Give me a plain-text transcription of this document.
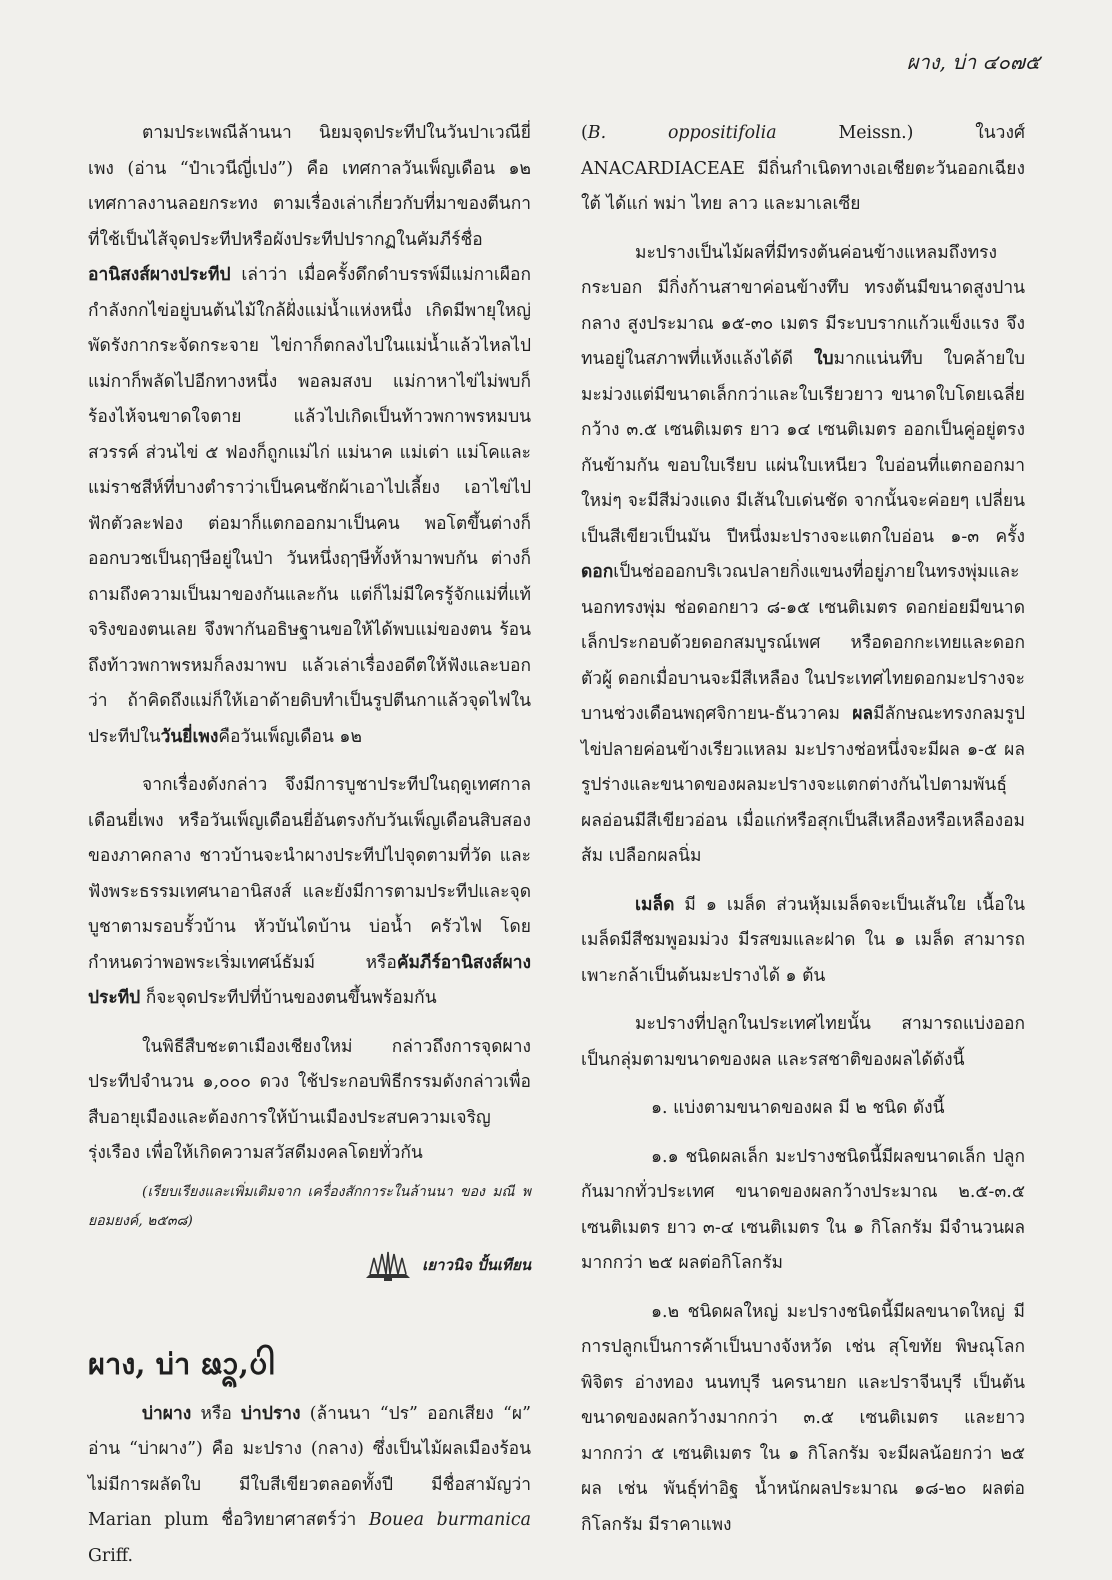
ผาง, บ่า ๔๐๗๕

ตามประเพณีล้านนา นิยมจุดประทีปในวันปาเวณียี่เพง (อ่าน “ป๋าเวนีญี่เปง”) คือ เทศกาลวันเพ็ญเดือน ๑๒ เทศกาลงานลอยกระทง ตามเรื่องเล่าเกี่ยวกับที่มาของตีนกาที่ใช้เป็นไส้จุดประทีปหรือผังประทีปปรากฏในคัมภีร์ชื่ออานิสงส์ผางประทีป เล่าว่า เมื่อครั้งดึกดำบรรพ์มีแม่กาเผือกกำลังกกไข่อยู่บนต้นไม้ใกล้ฝั่งแม่น้ำแห่งหนึ่ง เกิดมีพายุใหญ่พัดรังกากระจัดกระจาย ไข่กาก็ตกลงไปในแม่น้ำแล้วไหลไป แม่กาก็พลัดไปอีกทางหนึ่ง พอลมสงบ แม่กาหาไข่ไม่พบก็ร้องไห้จนขาดใจตาย แล้วไปเกิดเป็นท้าวพกาพรหมบนสวรรค์ ส่วนไข่ ๕ ฟองก็ถูกแม่ไก่ แม่นาค แม่เต่า แม่โคและแม่ราชสีห์ที่บางตำราว่าเป็นคนซักผ้าเอาไปเลี้ยง เอาไข่ไปฟักตัวละฟอง ต่อมาก็แตกออกมาเป็นคน พอโตขึ้นต่างก็ออกบวชเป็นฤๅษีอยู่ในป่า วันหนึ่งฤๅษีทั้งห้ามาพบกัน ต่างก็ถามถึงความเป็นมาของกันและกัน แต่ก็ไม่มีใครรู้จักแม่ที่แท้จริงของตนเลย จึงพากันอธิษฐานขอให้ได้พบแม่ของตน ร้อนถึงท้าวพกาพรหมก็ลงมาพบ แล้วเล่าเรื่องอดีตให้ฟังและบอกว่า ถ้าคิดถึงแม่ก็ให้เอาด้ายดิบทำเป็นรูปตีนกาแล้วจุดไฟในประทีปในวันยี่เพงคือวันเพ็ญเดือน ๑๒

จากเรื่องดังกล่าว จึงมีการบูชาประทีปในฤดูเทศกาลเดือนยี่เพง หรือวันเพ็ญเดือนยี่อันตรงกับวันเพ็ญเดือนสิบสองของภาคกลาง ชาวบ้านจะนำผางประทีปไปจุดตามที่วัด และฟังพระธรรมเทศนาอานิสงส์ และยังมีการตามประทีปและจุดบูชาตามรอบรั้วบ้าน หัวบันไดบ้าน บ่อน้ำ ครัวไฟ โดยกำหนดว่าพอพระเริ่มเทศน์ธัมม์ หรือคัมภีร์อานิสงส์ผางประทีป ก็จะจุดประทีปที่บ้านของตนขึ้นพร้อมกัน

ในพิธีสืบชะตาเมืองเชียงใหม่ กล่าวถึงการจุดผางประทีปจำนวน ๑,๐๐๐ ดวง ใช้ประกอบพิธีกรรมดังกล่าวเพื่อสืบอายุเมืองและต้องการให้บ้านเมืองประสบความเจริญรุ่งเรือง เพื่อให้เกิดความสวัสดีมงคลโดยทั่วกัน

(เรียบเรียงและเพิ่มเติมจาก เครื่องสักการะในล้านนา ของ มณี พยอมยงค์, ๒๕๓๘)

เยาวนิจ ปั้นเทียน

ผาง, บ่า ᨹᩣ᩠ᨦ,ᨷ᩵ᩤ

บ่าผาง หรือ บ่าปราง (ล้านนา “ปร” ออกเสียง “ผ” อ่าน “บ่าผาง”) คือ มะปราง (กลาง) ซึ่งเป็นไม้ผลเมืองร้อน ไม่มีการผลัดใบ มีใบสีเขียวตลอดทั้งปี มีชื่อสามัญว่า Marian plum ชื่อวิทยาศาสตร์ว่า Bouea burmanica Griff.

(B. oppositifolia Meissn.) ในวงศ์ ANACARDIACEAE มีถิ่นกำเนิดทางเอเชียตะวันออกเฉียงใต้ ได้แก่ พม่า ไทย ลาว และมาเลเซีย

มะปรางเป็นไม้ผลที่มีทรงต้นค่อนข้างแหลมถึงทรงกระบอก มีกิ่งก้านสาขาค่อนข้างทึบ ทรงต้นมีขนาดสูงปานกลาง สูงประมาณ ๑๕-๓๐ เมตร มีระบบรากแก้วแข็งแรง จึงทนอยู่ในสภาพที่แห้งแล้งได้ดี ใบมากแน่นทึบ ใบคล้ายใบมะม่วงแต่มีขนาดเล็กกว่าและใบเรียวยาว ขนาดใบโดยเฉลี่ยกว้าง ๓.๕ เซนติเมตร ยาว ๑๔ เซนติเมตร ออกเป็นคู่อยู่ตรงกันข้ามกัน ขอบใบเรียบ แผ่นใบเหนียว ใบอ่อนที่แตกออกมาใหม่ๆ จะมีสีม่วงแดง มีเส้นใบเด่นชัด จากนั้นจะค่อยๆ เปลี่ยนเป็นสีเขียวเป็นมัน ปีหนึ่งมะปรางจะแตกใบอ่อน ๑-๓ ครั้ง ดอกเป็นช่อออกบริเวณปลายกิ่งแขนงที่อยู่ภายในทรงพุ่มและนอกทรงพุ่ม ช่อดอกยาว ๘-๑๕ เซนติเมตร ดอกย่อยมีขนาดเล็กประกอบด้วยดอกสมบูรณ์เพศ หรือดอกกะเทยและดอกตัวผู้ ดอกเมื่อบานจะมีสีเหลือง ในประเทศไทยดอกมะปรางจะบานช่วงเดือนพฤศจิกายน-ธันวาคม ผลมีลักษณะทรงกลมรูปไข่ปลายค่อนข้างเรียวแหลม มะปรางช่อหนึ่งจะมีผล ๑-๕ ผล รูปร่างและขนาดของผลมะปรางจะแตกต่างกันไปตามพันธุ์ ผลอ่อนมีสีเขียวอ่อน เมื่อแก่หรือสุกเป็นสีเหลืองหรือเหลืองอมส้ม เปลือกผลนิ่ม

เมล็ด มี ๑ เมล็ด ส่วนหุ้มเมล็ดจะเป็นเส้นใย เนื้อในเมล็ดมีสีชมพูอมม่วง มีรสขมและฝาด ใน ๑ เมล็ด สามารถเพาะกล้าเป็นต้นมะปรางได้ ๑ ต้น

มะปรางที่ปลูกในประเทศไทยนั้น สามารถแบ่งออกเป็นกลุ่มตามขนาดของผล และรสชาติของผลได้ดังนี้

๑. แบ่งตามขนาดของผล มี ๒ ชนิด ดังนี้

๑.๑ ชนิดผลเล็ก มะปรางชนิดนี้มีผลขนาดเล็ก ปลูกกันมากทั่วประเทศ ขนาดของผลกว้างประมาณ ๒.๕-๓.๕ เซนติเมตร ยาว ๓-๔ เซนติเมตร ใน ๑ กิโลกรัม มีจำนวนผลมากกว่า ๒๕ ผลต่อกิโลกรัม

๑.๒ ชนิดผลใหญ่ มะปรางชนิดนี้มีผลขนาดใหญ่ มีการปลูกเป็นการค้าเป็นบางจังหวัด เช่น สุโขทัย พิษณุโลก พิจิตร อ่างทอง นนทบุรี นครนายก และปราจีนบุรี เป็นต้น ขนาดของผลกว้างมากกว่า ๓.๕ เซนติเมตร และยาวมากกว่า ๕ เซนติเมตร ใน ๑ กิโลกรัม จะมีผลน้อยกว่า ๒๕ ผล เช่น พันธุ์ท่าอิฐ น้ำหนักผลประมาณ ๑๘-๒๐ ผลต่อกิโลกรัม มีราคาแพง
